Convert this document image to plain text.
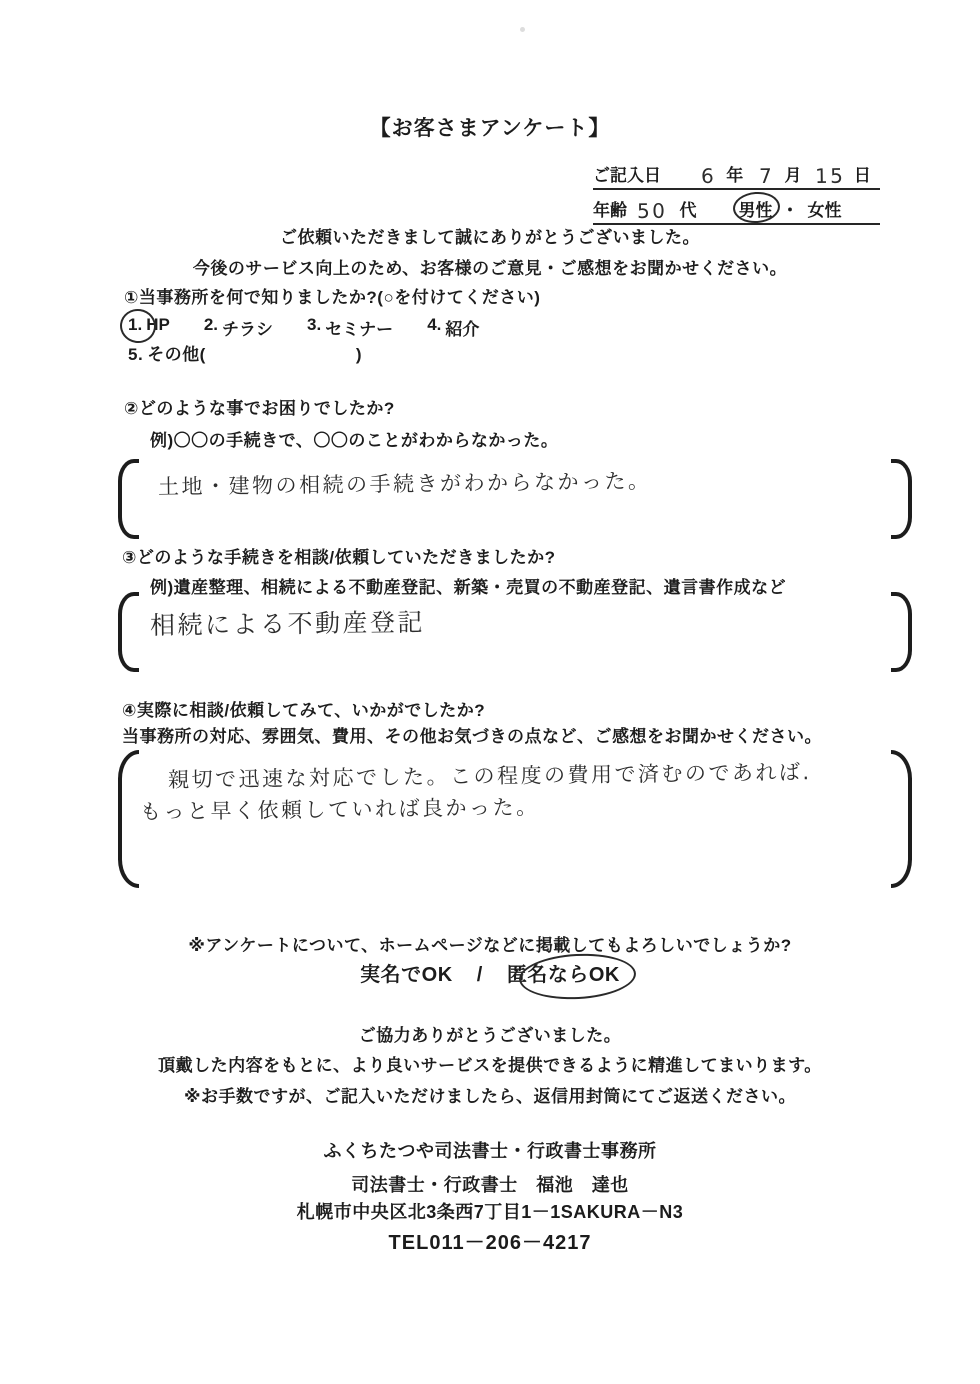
【お客さまアンケート】
ご記入日 6 年 7 月 15 日
年齢 50 代 男性 ・ 女性
ご依頼いただきまして誠にありがとうございました。
今後のサービス向上のため、お客様のご意見・ご感想をお聞かせください。
①当事務所を何で知りましたか?(○を付けてください)
1. HP 2. チラシ 3. セミナー 4. 紹介
5. その他(	)
②どのような事でお困りでしたか?
例)〇〇の手続きで、〇〇のことがわからなかった。
土地・建物の相続の手続きがわからなかった。
③どのような手続きを相談/依頼していただきましたか?
例)遺産整理、相続による不動産登記、新築・売買の不動産登記、遺言書作成など
相続による不動産登記
④実際に相談/依頼してみて、いかがでしたか?
当事務所の対応、雰囲気、費用、その他お気づきの点など、ご感想をお聞かせください。
親切で迅速な対応でした。この程度の費用で済むのであれば.
もっと早く依頼していれば良かった。
※アンケートについて、ホームページなどに掲載してもよろしいでしょうか?
実名でOK / 匿名ならOK
ご協力ありがとうございました。
頂戴した内容をもとに、より良いサービスを提供できるように精進してまいります。
※お手数ですが、ご記入いただけましたら、返信用封筒にてご返送ください。
ふくちたつや司法書士・行政書士事務所
司法書士・行政書士　福池　達也
札幌市中央区北3条西7丁目1－1SAKURA－N3
TEL011－206－4217
